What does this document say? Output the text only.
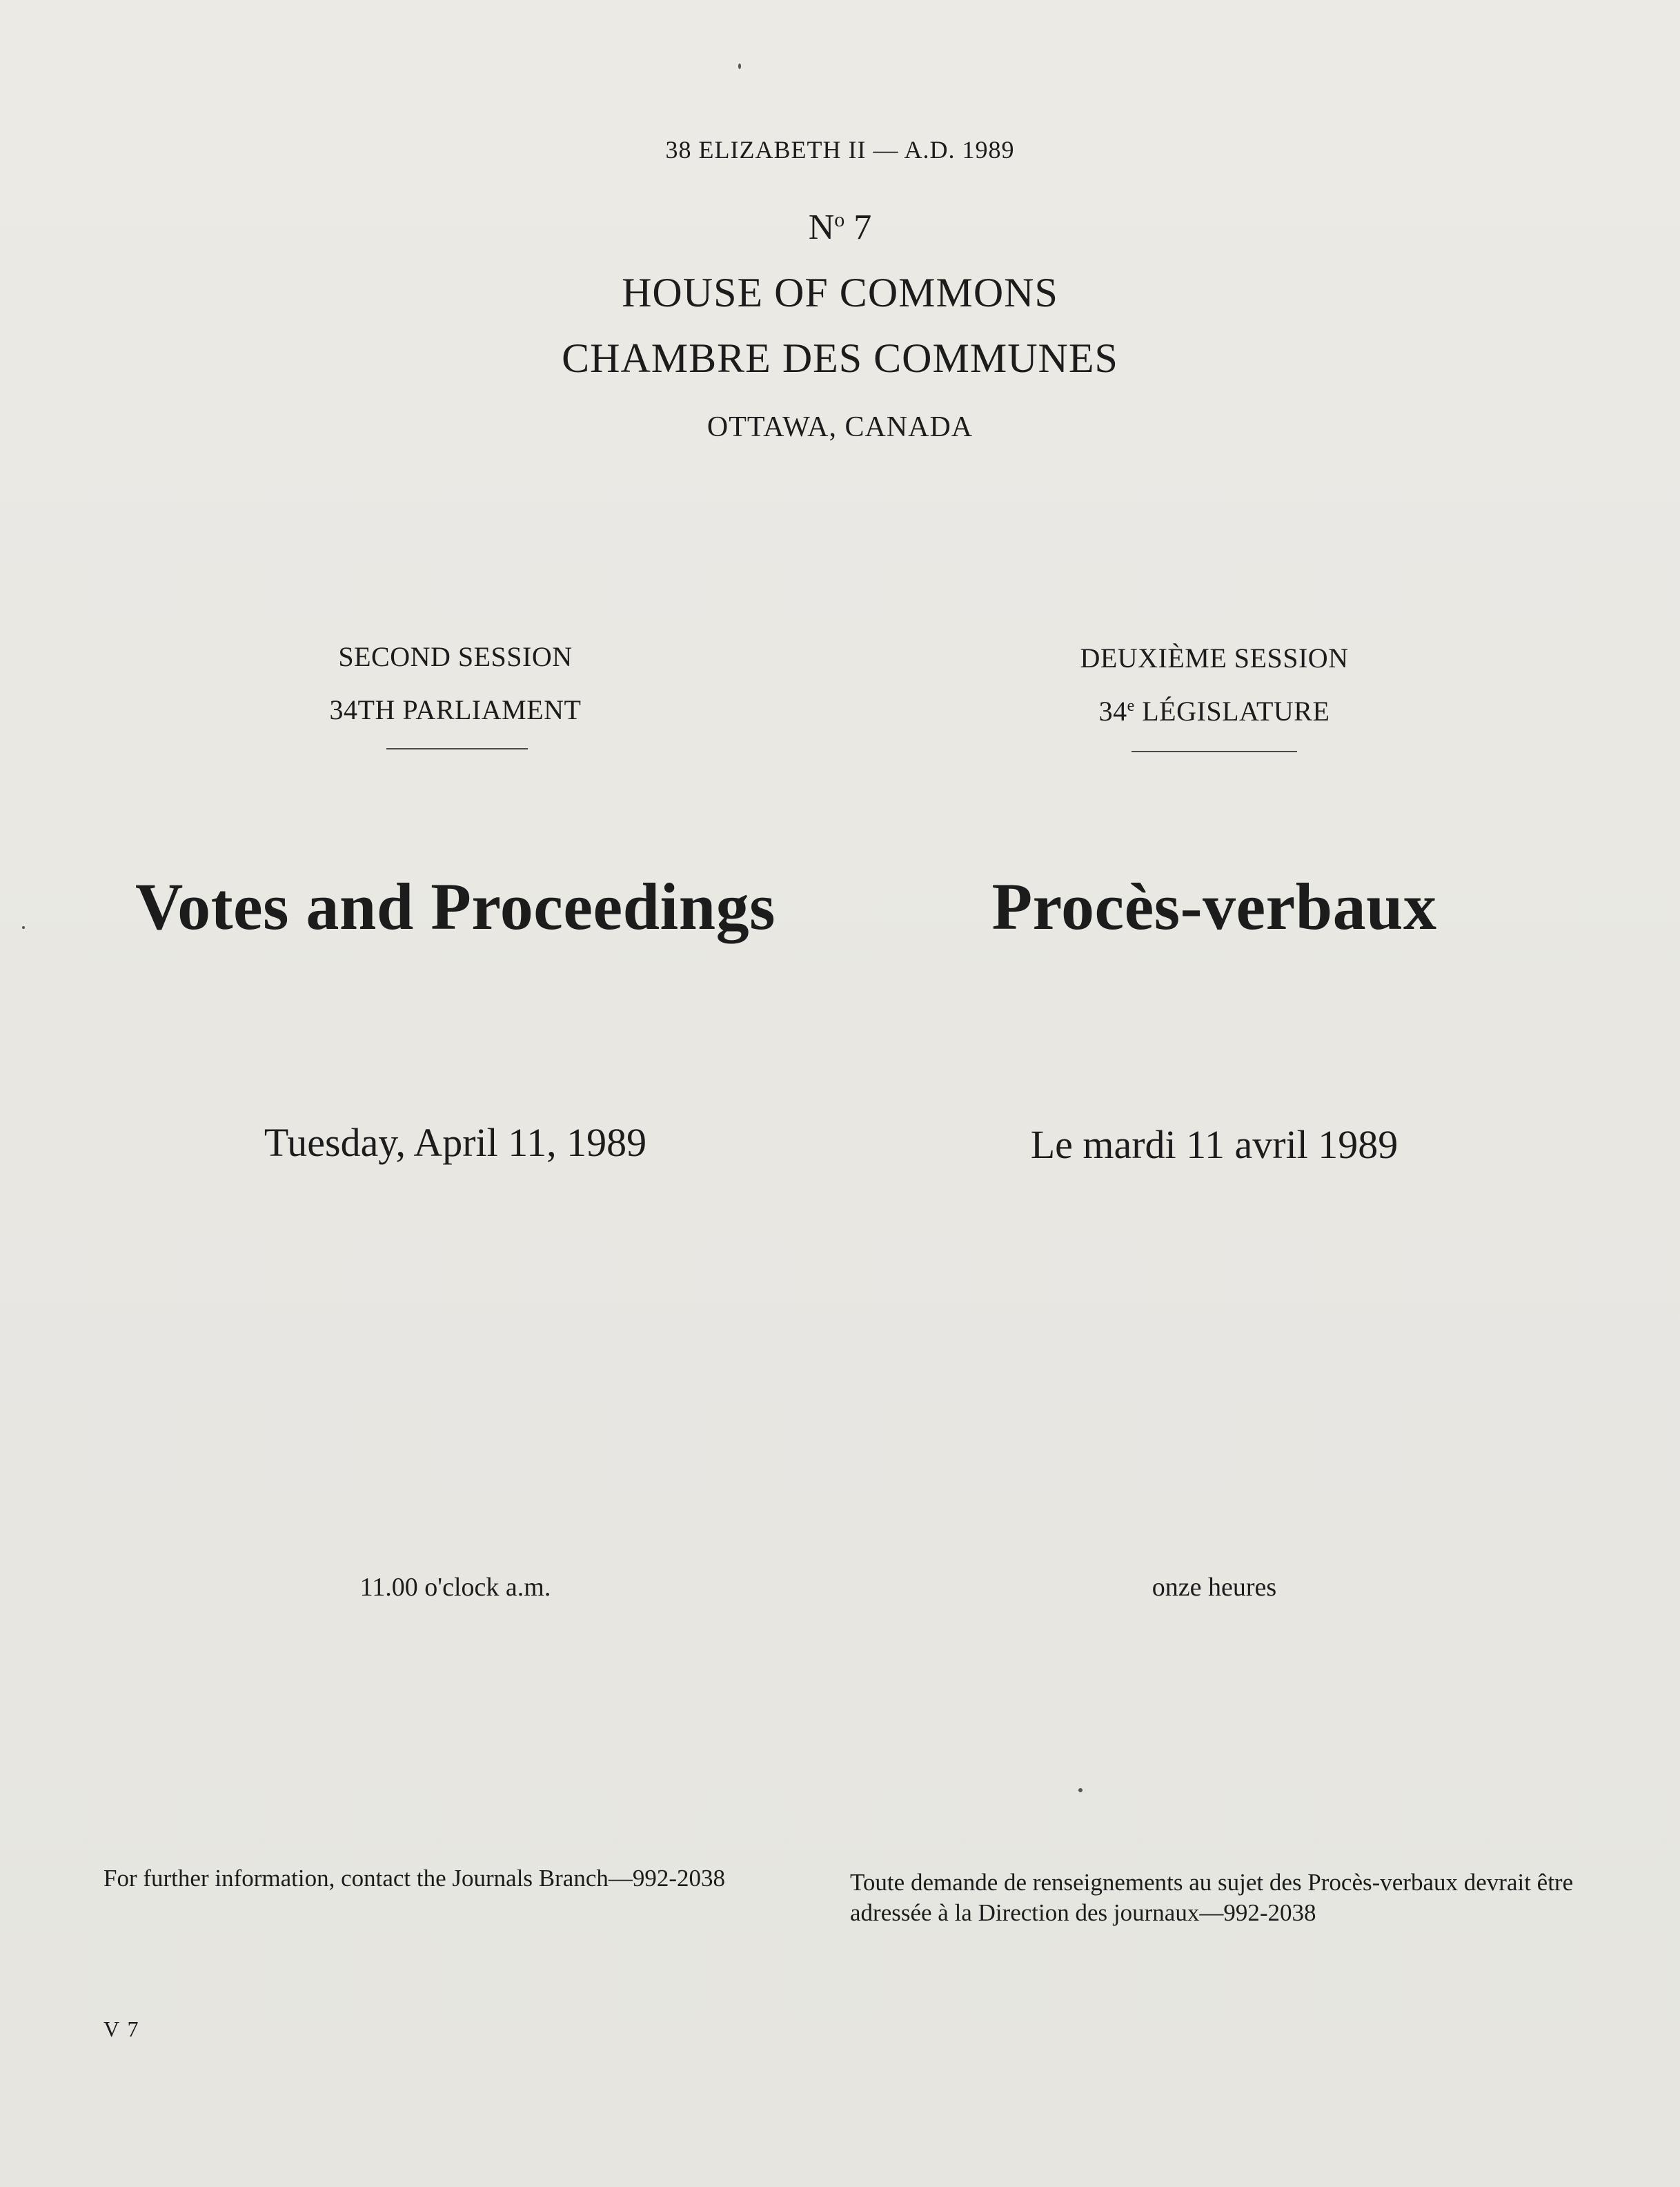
38 ELIZABETH II — A.D. 1989
$N^o$ 7
HOUSE OF COMMONS
CHAMBRE DES COMMUNES
OTTAWA, CANADA
SECOND SESSION
34TH PARLIAMENT
DEUXIÈME SESSION
34e LÉGISLATURE
Votes and Proceedings	Procès-verbaux
Tuesday, April 11, 1989	Le mardi 11 avril 1989
11.00 o'clock a.m.	onze heures
For further information, contact the Journals Branch—992-2038	Toute demande de renseignements au sujet des Procès-verbaux devrait être adressée à la Direction des journaux—992-2038
V 7
